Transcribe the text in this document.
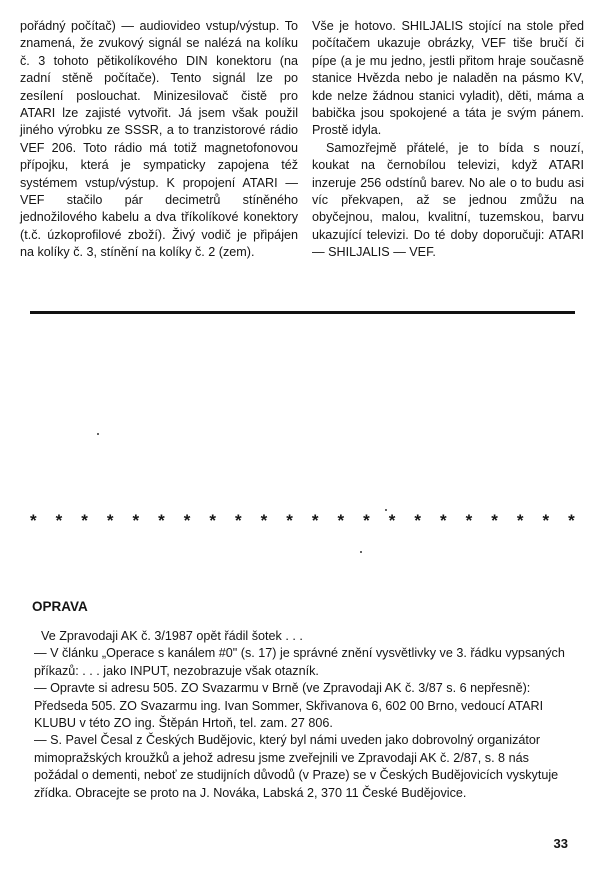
pořádný počítač) — audiovideo vstup/výstup. To znamená, že zvukový signál se nalézá na kolíku č. 3 tohoto pětikolíkového DIN konektoru (na zadní stěně počítače). Tento signál lze po zesílení poslouchat. Minizesilovač čistě pro ATARI lze zajisté vytvořit. Já jsem však použil jiného výrobku ze SSSR, a to tranzistorové rádio VEF 206. Toto rádio má totiž magnetofonovou přípojku, která je sympaticky zapojena též systémem vstup/výstup. K propojení ATARI — VEF stačilo pár decimetrů stíněného jednožilového kabelu a dva tříkolíkové konektory (t.č. úzkoprofilové zboží). Živý vodič je připájen na kolíky č. 3, stínění na kolíky č. 2 (zem).

Vše je hotovo. SHILJALIS stojící na stole před počítačem ukazuje obrázky, VEF tiše bručí či pípe (a je mu jedno, jestli přitom hraje současně stanice Hvězda nebo je naladěn na pásmo KV, kde nelze žádnou stanici vyladit), děti, máma a babička jsou spokojené a táta je svým pánem. Prostě idyla.

Samozřejmě přátelé, je to bída s nouzí, koukat na černobílou televizi, když ATARI inzeruje 256 odstínů barev. No ale o to budu asi víc překvapen, až se jednou zmůžu na obyčejnou, malou, kvalitní, tuzemskou, barvu ukazující televizi. Do té doby doporučuji: ATARI — SHILJALIS — VEF.

* * * * * * * * * * * * * * * * * * * * * *
OPRAVA

Ve Zpravodaji AK č. 3/1987 opět řádil šotek . . .

— V článku „Operace s kanálem #0" (s. 17) je správné znění vysvětlivky ve 3. řádku vypsaných příkazů: . . . jako INPUT, nezobrazuje však otazník.

— Opravte si adresu 505. ZO Svazarmu v Brně (ve Zpravodaji AK č. 3/87 s. 6 nepřesně): Předseda 505. ZO Svazarmu ing. Ivan Sommer, Skřivanova 6, 602 00 Brno, vedoucí ATARI KLUBU v této ZO ing. Štěpán Hrtoň, tel. zam. 27 806.

— S. Pavel Česal z Českých Budějovic, který byl námi uveden jako dobrovolný organizátor mimopražských kroužků a jehož adresu jsme zveřejnili ve Zpravodaji AK č. 2/87, s. 8 nás požádal o dementi, neboť ze studijních důvodů (v Praze) se v Českých Budějovicích vyskytuje zřídka. Obracejte se proto na J. Nováka, Labská 2, 370 11 České Budějovice.

33
